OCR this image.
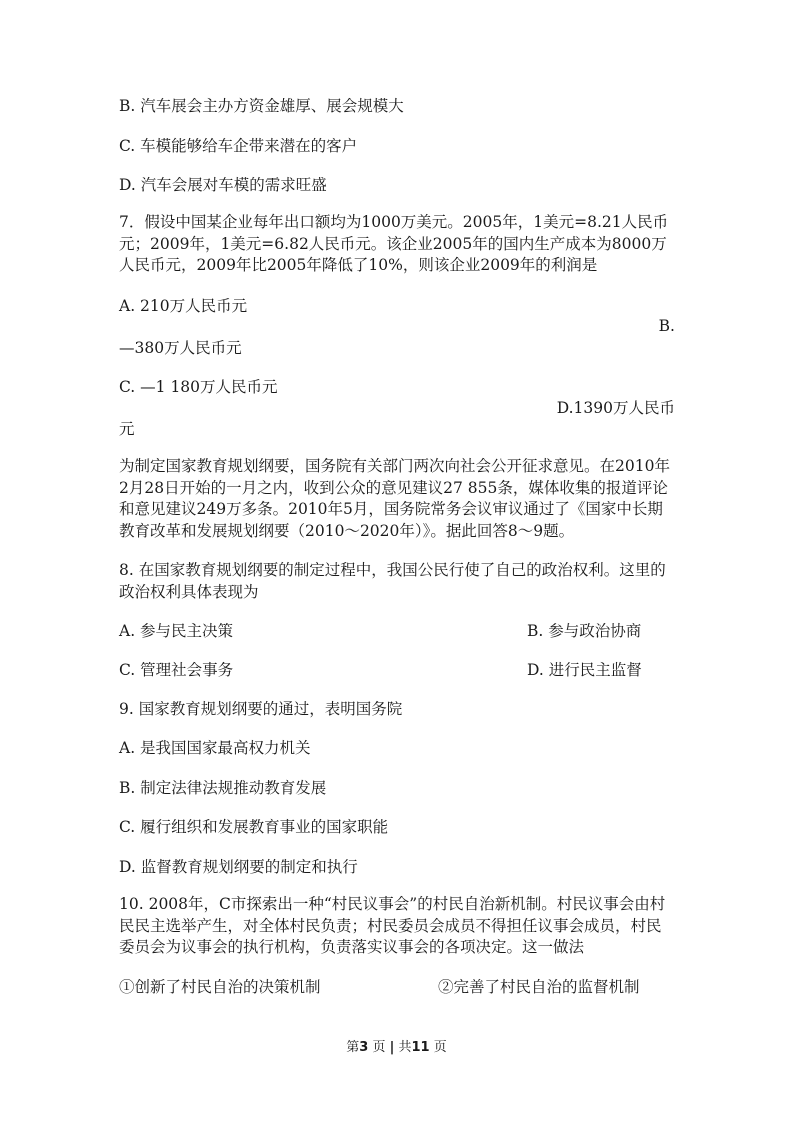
B. 汽车展会主办方资金雄厚、展会规模大
C. 车模能够给车企带来潜在的客户
D. 汽车会展对车模的需求旺盛
7．假设中国某企业每年出口额均为1000万美元。2005年，1美元=8.21人民币元；2009年，1美元=6.82人民币元。该企业2005年的国内生产成本为8000万人民币元，2009年比2005年降低了10%，则该企业2009年的利润是
A. 210万人民币元
B.
—380万人民币元
C. —1 180万人民币元
D.1390万人民币
元
为制定国家教育规划纲要，国务院有关部门两次向社会公开征求意见。在2010年2月28日开始的一月之内，收到公众的意见建议27 855条，媒体收集的报道评论和意见建议249万多条。2010年5月，国务院常务会议审议通过了《国家中长期教育改革和发展规划纲要（2010～2020年）》。据此回答8～9题。
8. 在国家教育规划纲要的制定过程中，我国公民行使了自己的政治权利。这里的政治权利具体表现为
A. 参与民主决策	B. 参与政治协商
C. 管理社会事务	D. 进行民主监督
9. 国家教育规划纲要的通过，表明国务院
A. 是我国国家最高权力机关
B. 制定法律法规推动教育发展
C. 履行组织和发展教育事业的国家职能
D. 监督教育规划纲要的制定和执行
10. 2008年，C市探索出一种“村民议事会”的村民自治新机制。村民议事会由村民民主选举产生，对全体村民负责；村民委员会成员不得担任议事会成员，村民委员会为议事会的执行机构，负责落实议事会的各项决定。这一做法
①创新了村民自治的决策机制	②完善了村民自治的监督机制
第3 页 | 共11 页
